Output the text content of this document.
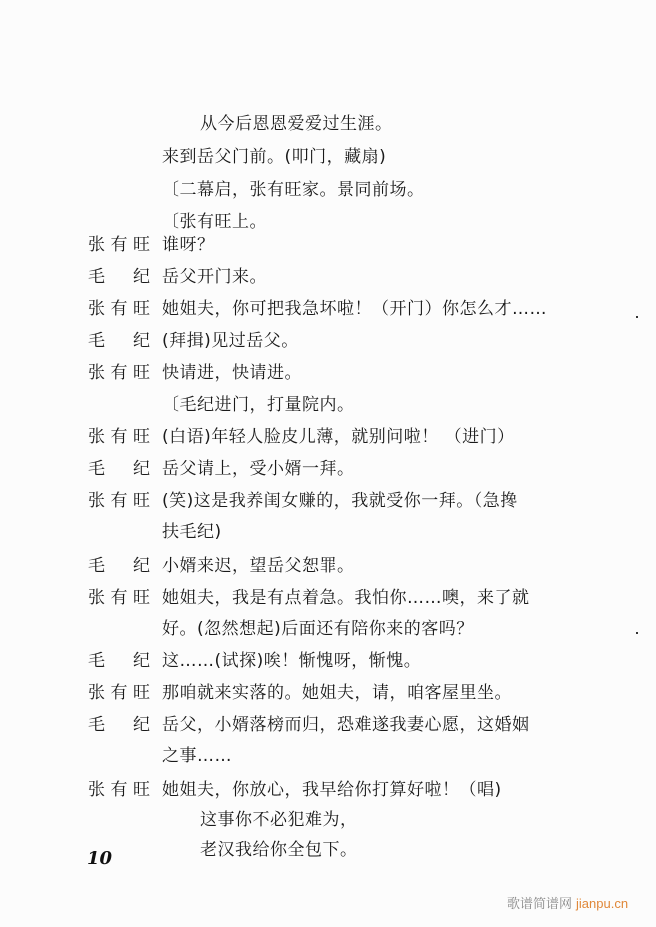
从今后恩恩爱爱过生涯。
来到岳父门前。(叩门，藏扇)
〔二幕启，张有旺家。景同前场。
〔张有旺上。
张 有 旺 谁呀？
毛 纪 岳父开门来。
张 有 旺 她姐夫，你可把我急坏啦！（开门）你怎么才……
毛 纪 (拜揖)见过岳父。
张 有 旺 快请进，快请进。
〔毛纪进门，打量院内。
张 有 旺 (白语)年轻人脸皮儿薄，就别问啦！ （进门）
毛 纪 岳父请上，受小婿一拜。
张 有 旺 (笑)这是我养闺女赚的，我就受你一拜。（急搀
扶毛纪)
毛 纪 小婿来迟，望岳父恕罪。
张 有 旺 她姐夫，我是有点着急。我怕你……噢，来了就
好。(忽然想起)后面还有陪你来的客吗？
毛 纪 这……(试探)唉！惭愧呀，惭愧。
张 有 旺 那咱就来实落的。她姐夫，请，咱客屋里坐。
毛 纪 岳父，小婿落榜而归，恐难遂我妻心愿，这婚姻
之事……
张 有 旺 她姐夫，你放心，我早给你打算好啦！（唱)
这事你不必犯难为，
老汉我给你全包下。
10
歌谱简谱网 jianpu.cn
